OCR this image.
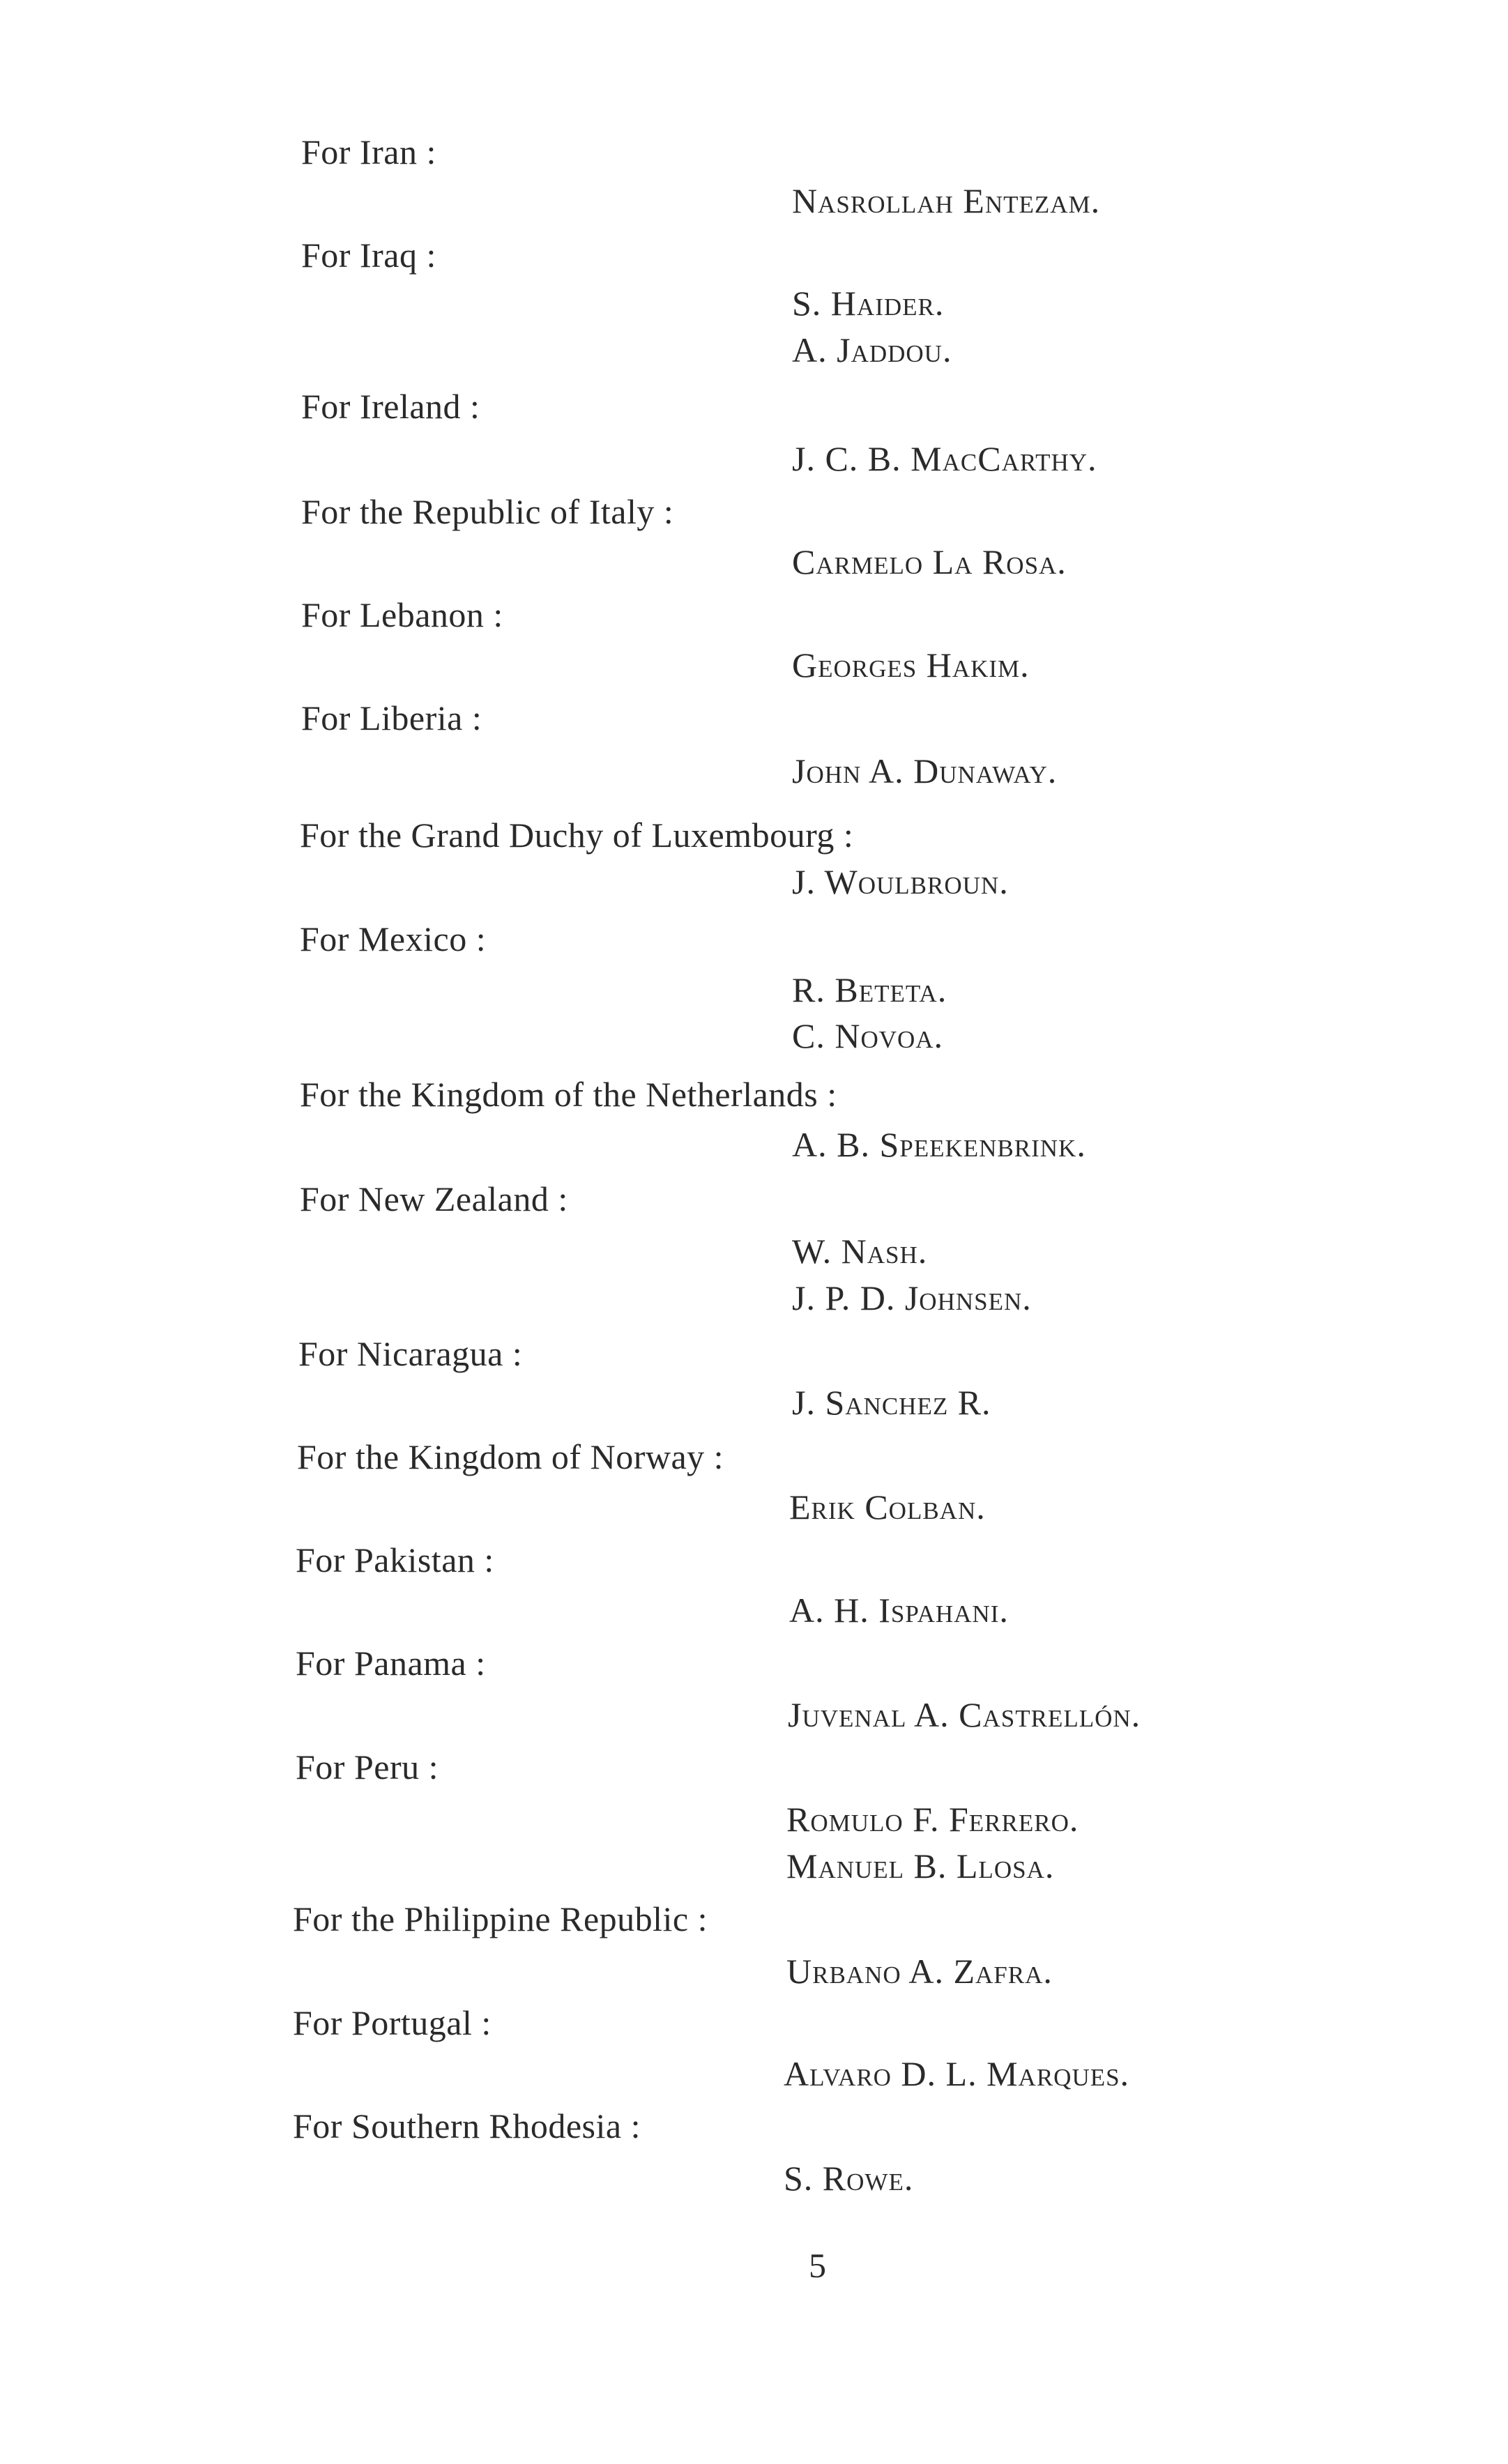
For Iran :
Nasrollah Entezam.
For Iraq :
S. Haider.
A. Jaddou.
For Ireland :
J. C. B. MacCarthy.
For the Republic of Italy :
Carmelo La Rosa.
For Lebanon :
Georges Hakim.
For Liberia :
John A. Dunaway.
For the Grand Duchy of Luxembourg :
J. Woulbroun.
For Mexico :
R. Beteta.
C. Novoa.
For the Kingdom of the Netherlands :
A. B. Speekenbrink.
For New Zealand :
W. Nash.
J. P. D. Johnsen.
For Nicaragua :
J. Sanchez R.
For the Kingdom of Norway :
Erik Colban.
For Pakistan :
A. H. Ispahani.
For Panama :
Juvenal A. Castrellón.
For Peru :
Romulo F. Ferrero.
Manuel B. Llosa.
For the Philippine Republic :
Urbano A. Zafra.
For Portugal :
Alvaro D. L. Marques.
For Southern Rhodesia :
S. Rowe.
5
